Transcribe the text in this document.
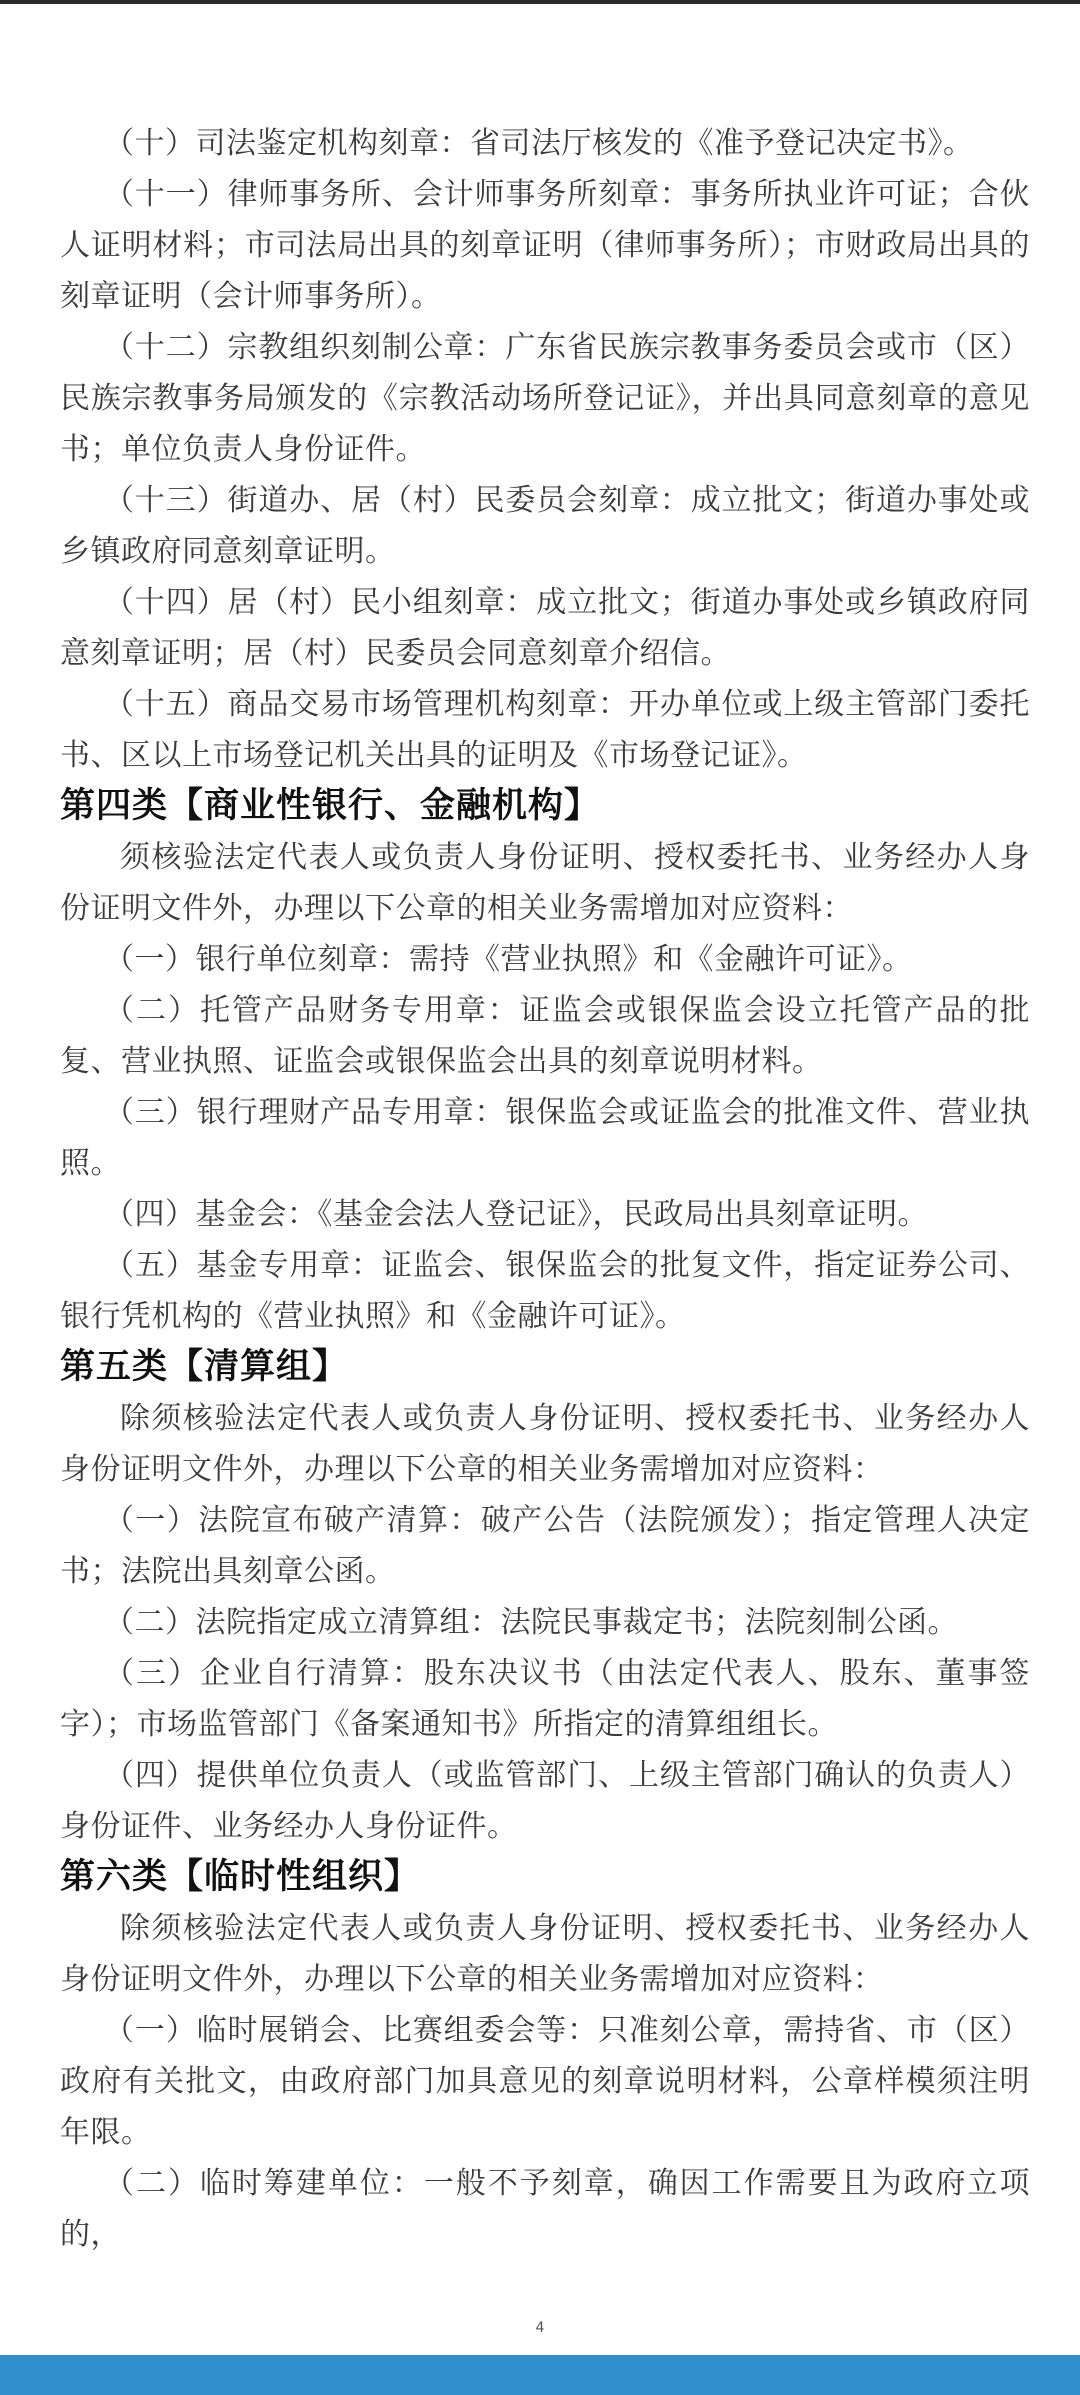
（十）司法鉴定机构刻章：省司法厅核发的《准予登记决定书》。

（十一）律师事务所、会计师事务所刻章：事务所执业许可证；合伙人证明材料；市司法局出具的刻章证明（律师事务所）；市财政局出具的刻章证明（会计师事务所）。

（十二）宗教组织刻制公章：广东省民族宗教事务委员会或市（区）民族宗教事务局颁发的《宗教活动场所登记证》，并出具同意刻章的意见书；单位负责人身份证件。

（十三）街道办、居（村）民委员会刻章：成立批文；街道办事处或乡镇政府同意刻章证明。

（十四）居（村）民小组刻章：成立批文；街道办事处或乡镇政府同意刻章证明；居（村）民委员会同意刻章介绍信。

（十五）商品交易市场管理机构刻章：开办单位或上级主管部门委托书、区以上市场登记机关出具的证明及《市场登记证》。

第四类【商业性银行、金融机构】

须核验法定代表人或负责人身份证明、授权委托书、业务经办人身份证明文件外，办理以下公章的相关业务需增加对应资料：

（一）银行单位刻章：需持《营业执照》和《金融许可证》。

（二）托管产品财务专用章：证监会或银保监会设立托管产品的批复、营业执照、证监会或银保监会出具的刻章说明材料。

（三）银行理财产品专用章：银保监会或证监会的批准文件、营业执照。

（四）基金会：《基金会法人登记证》，民政局出具刻章证明。

（五）基金专用章：证监会、银保监会的批复文件，指定证券公司、银行凭机构的《营业执照》和《金融许可证》。

第五类【清算组】

除须核验法定代表人或负责人身份证明、授权委托书、业务经办人身份证明文件外，办理以下公章的相关业务需增加对应资料：

（一）法院宣布破产清算：破产公告（法院颁发）；指定管理人决定书；法院出具刻章公函。

（二）法院指定成立清算组：法院民事裁定书；法院刻制公函。

（三）企业自行清算：股东决议书（由法定代表人、股东、董事签字）；市场监管部门《备案通知书》所指定的清算组组长。

（四）提供单位负责人（或监管部门、上级主管部门确认的负责人）身份证件、业务经办人身份证件。

第六类【临时性组织】

除须核验法定代表人或负责人身份证明、授权委托书、业务经办人身份证明文件外，办理以下公章的相关业务需增加对应资料：

（一）临时展销会、比赛组委会等：只准刻公章，需持省、市（区）政府有关批文，由政府部门加具意见的刻章说明材料，公章样模须注明年限。

（二）临时筹建单位：一般不予刻章，确因工作需要且为政府立项的，

4
